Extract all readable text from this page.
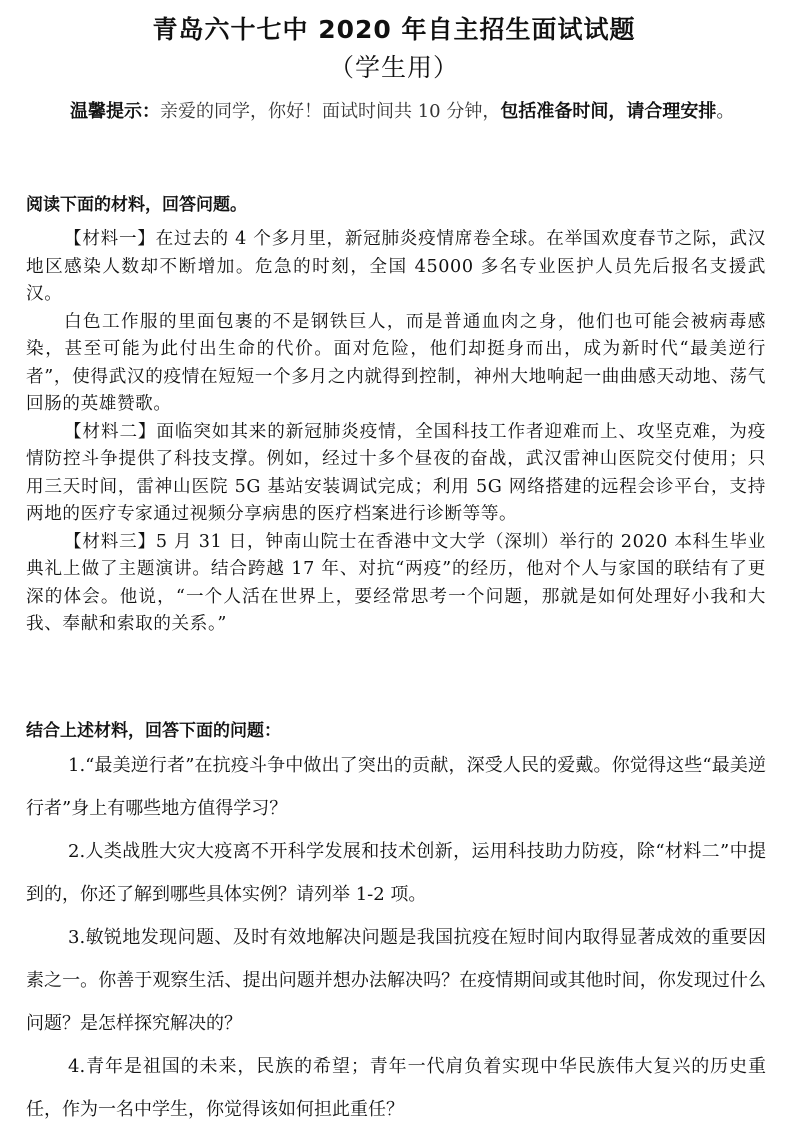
青岛六十七中 2020 年自主招生面试试题
（学生用）
温馨提示：亲爱的同学，你好！面试时间共 10 分钟，包括准备时间，请合理安排。
阅读下面的材料，回答问题。

【材料一】在过去的 4 个多月里，新冠肺炎疫情席卷全球。在举国欢度春节之际，武汉地区感染人数却不断增加。危急的时刻，全国 45000 多名专业医护人员先后报名支援武汉。

白色工作服的里面包裹的不是钢铁巨人，而是普通血肉之身，他们也可能会被病毒感染，甚至可能为此付出生命的代价。面对危险，他们却挺身而出，成为新时代“最美逆行者”，使得武汉的疫情在短短一个多月之内就得到控制，神州大地响起一曲曲感天动地、荡气回肠的英雄赞歌。

【材料二】面临突如其来的新冠肺炎疫情，全国科技工作者迎难而上、攻坚克难，为疫情防控斗争提供了科技支撑。例如，经过十多个昼夜的奋战，武汉雷神山医院交付使用；只用三天时间，雷神山医院 5G 基站安装调试完成；利用 5G 网络搭建的远程会诊平台，支持两地的医疗专家通过视频分享病患的医疗档案进行诊断等等。

【材料三】5 月 31 日，钟南山院士在香港中文大学（深圳）举行的 2020 本科生毕业典礼上做了主题演讲。结合跨越 17 年、对抗“两疫”的经历，他对个人与家国的联结有了更深的体会。他说，“一个人活在世界上，要经常思考一个问题，那就是如何处理好小我和大我、奉献和索取的关系。”

结合上述材料，回答下面的问题：

1.“最美逆行者”在抗疫斗争中做出了突出的贡献，深受人民的爱戴。你觉得这些“最美逆行者”身上有哪些地方值得学习？

2.人类战胜大灾大疫离不开科学发展和技术创新，运用科技助力防疫，除“材料二”中提到的，你还了解到哪些具体实例？请列举 1-2 项。

3.敏锐地发现问题、及时有效地解决问题是我国抗疫在短时间内取得显著成效的重要因素之一。你善于观察生活、提出问题并想办法解决吗？在疫情期间或其他时间，你发现过什么问题？是怎样探究解决的？

4.青年是祖国的未来，民族的希望；青年一代肩负着实现中华民族伟大复兴的历史重任，作为一名中学生，你觉得该如何担此重任？
